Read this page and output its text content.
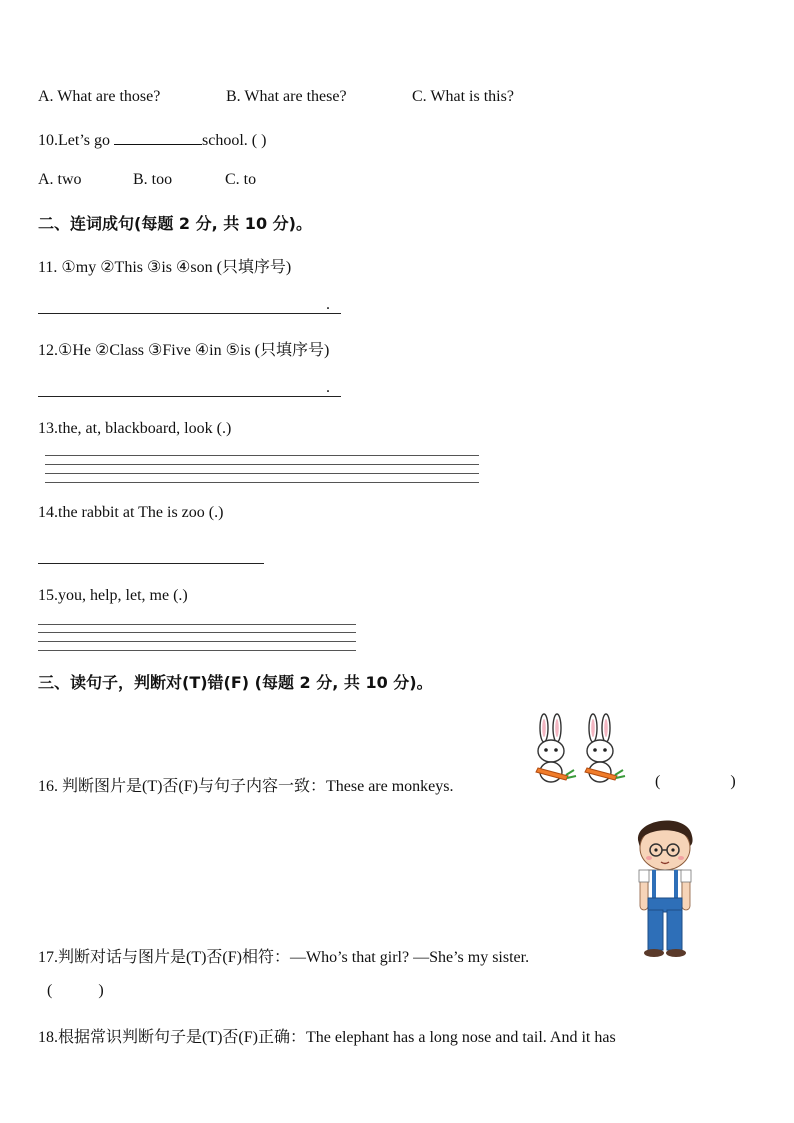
A. What are those?	B. What are these?	C. What is this?
10.Let’s go	school. ( )
A. two	B. too	C. to
二、连词成句(每题 2 分, 共 10 分)。
11. ①my ②This ③is ④son (只填序号)
.
12.①He ②Class ③Five ④in ⑤is (只填序号)
.
13.the, at, blackboard, look (.)
14.the rabbit at The is zoo (.)
15.you, help, let, me (.)
三、读句子，判断对(T)错(F) (每题 2 分, 共 10 分)。
16. 判断图片是(T)否(F)与句子内容一致：These are monkeys.	(	)
17.判断对话与图片是(T)否(F)相符：—Who’s that girl? —She’s my sister.
(	)
18.根据常识判断句子是(T)否(F)正确：The elephant has a long nose and tail. And it has
